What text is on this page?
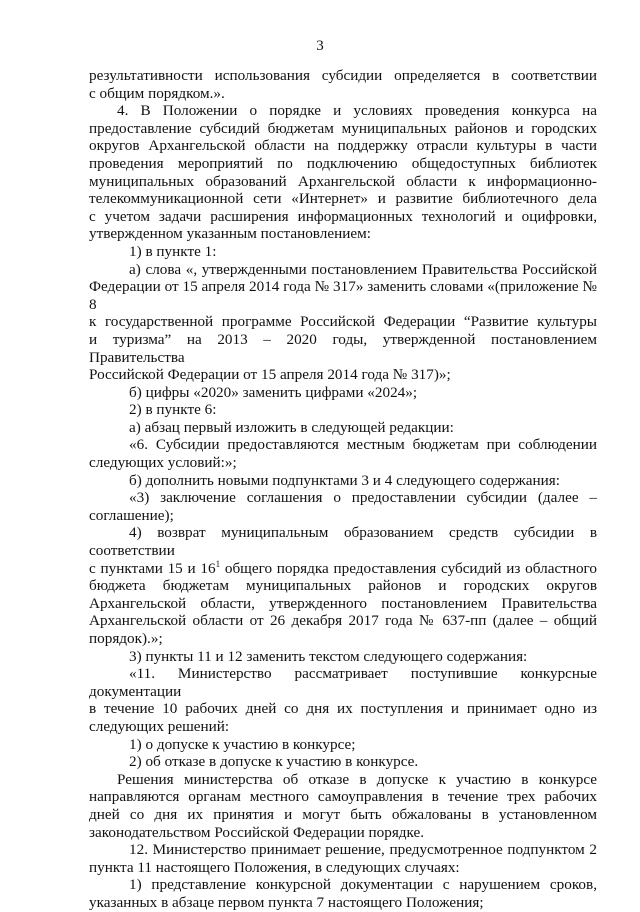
3
результативности использования субсидии определяется в соответствии
с общим порядком.».
4. В Положении о порядке и условиях проведения конкурса на
предоставление субсидий бюджетам муниципальных районов и городских
округов Архангельской области на поддержку отрасли культуры в части
проведения мероприятий по подключению общедоступных библиотек
муниципальных образований Архангельской области к информационно-
телекоммуникационной сети «Интернет» и развитие библиотечного дела
с учетом задачи расширения информационных технологий и оцифровки,
утвержденном указанным постановлением:
1) в пункте 1:
а) слова «, утвержденными постановлением Правительства Российской
Федерации от 15 апреля 2014 года № 317» заменить словами «(приложение № 8
к государственной программе Российской Федерации “Развитие культуры
и туризма” на 2013 – 2020 годы, утвержденной постановлением Правительства
Российской Федерации от 15 апреля 2014 года № 317)»;
б) цифры «2020» заменить цифрами «2024»;
2) в пункте 6:
а) абзац первый изложить в следующей редакции:
«6. Субсидии предоставляются местным бюджетам при соблюдении
следующих условий:»;
б) дополнить новыми подпунктами 3 и 4 следующего содержания:
«3) заключение соглашения о предоставлении субсидии (далее –
соглашение);
4) возврат муниципальным образованием средств субсидии в соответствии
с пунктами 15 и $16^1$ общего порядка предоставления субсидий из областного
бюджета бюджетам муниципальных районов и городских округов
Архангельской области, утвержденного постановлением Правительства
Архангельской области от 26 декабря 2017 года № 637-пп (далее – общий
порядок).»;
3) пункты 11 и 12 заменить текстом следующего содержания:
«11. Министерство рассматривает поступившие конкурсные документации
в течение 10 рабочих дней со дня их поступления и принимает одно из
следующих решений:
1) о допуске к участию в конкурсе;
2) об отказе в допуске к участию в конкурсе.
Решения министерства об отказе в допуске к участию в конкурсе
направляются органам местного самоуправления в течение трех рабочих
дней со дня их принятия и могут быть обжалованы в установленном
законодательством Российской Федерации порядке.
12. Министерство принимает решение, предусмотренное подпунктом 2
пункта 11 настоящего Положения, в следующих случаях:
1) представление конкурсной документации с нарушением сроков,
указанных в абзаце первом пункта 7 настоящего Положения;
